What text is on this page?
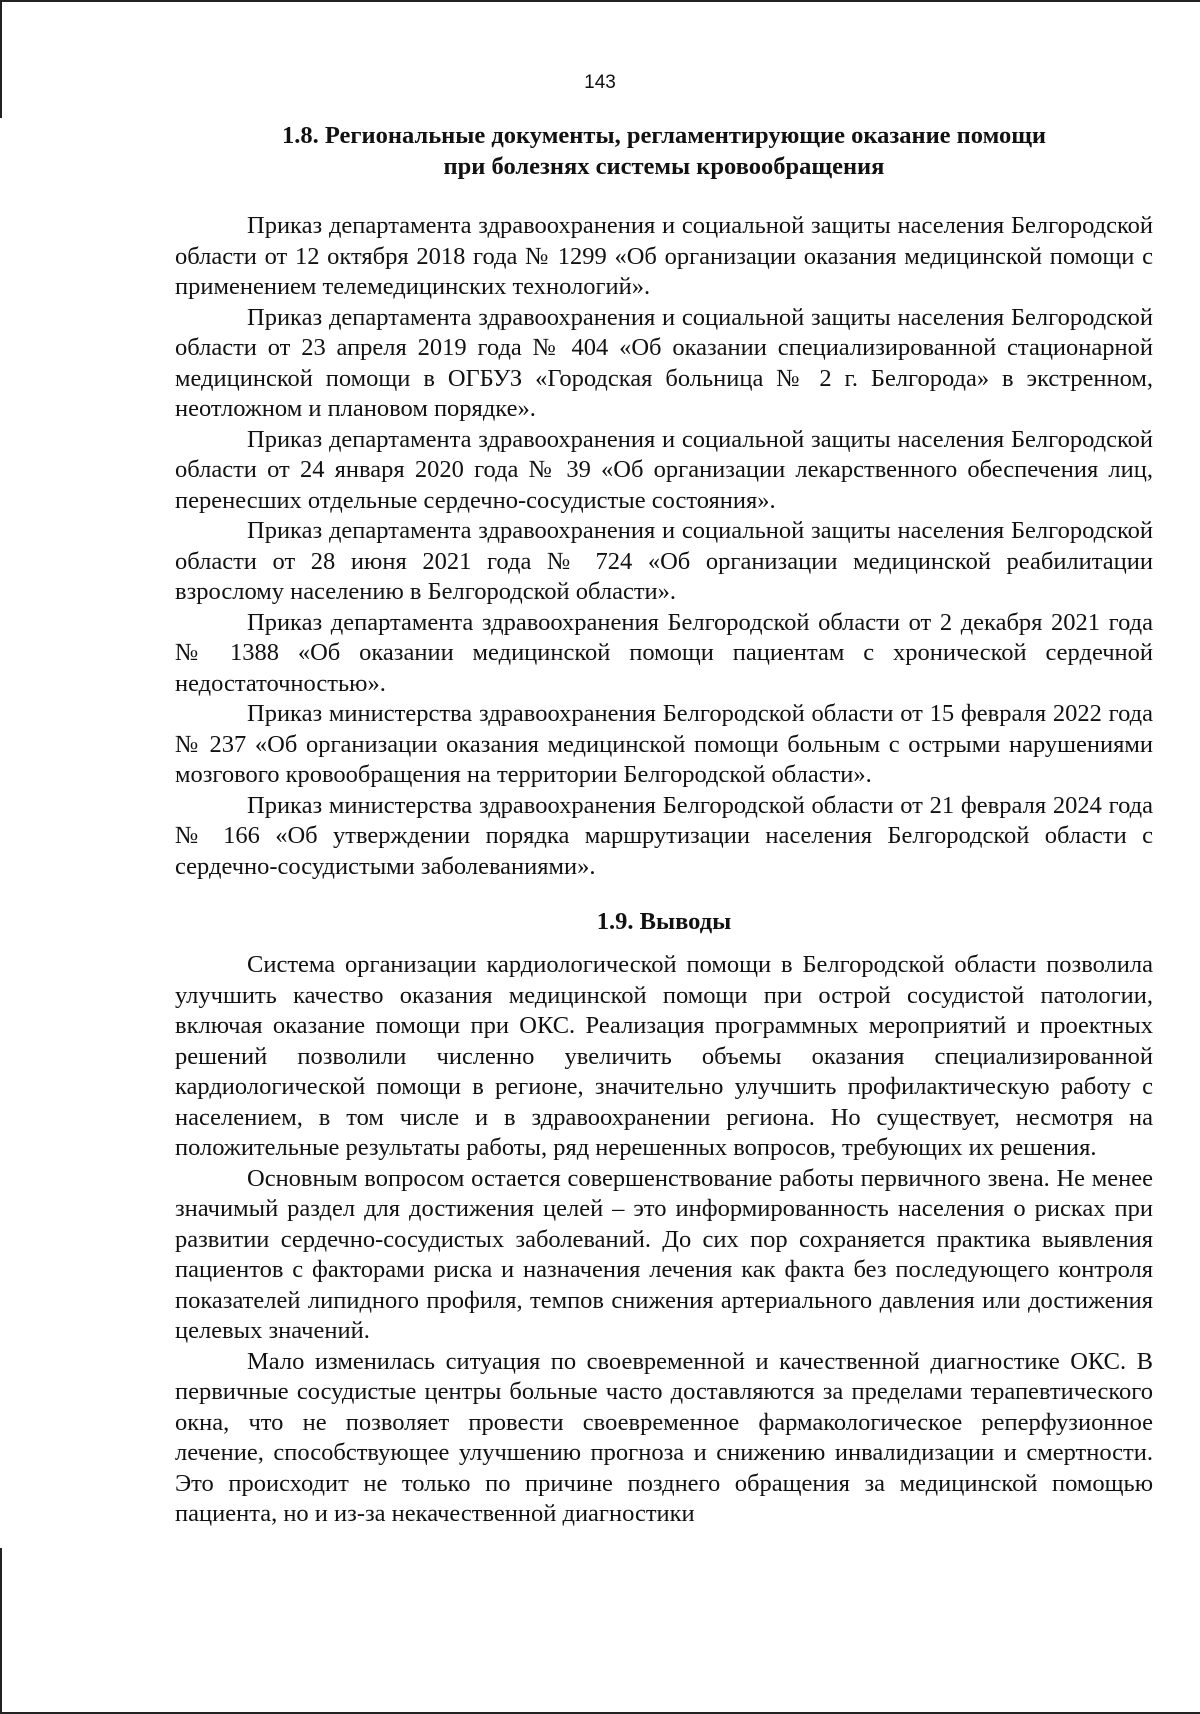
143
1.8. Региональные документы, регламентирующие оказание помощи
при болезнях системы кровообращения

Приказ департамента здравоохранения и социальной защиты населения Белгородской области от 12 октября 2018 года № 1299 «Об организации оказания медицинской помощи с применением телемедицинских технологий».

Приказ департамента здравоохранения и социальной защиты населения Белгородской области от 23 апреля 2019 года № 404 «Об оказании специализированной стационарной медицинской помощи в ОГБУЗ «Городская больница № 2 г. Белгорода» в экстренном, неотложном и плановом порядке».

Приказ департамента здравоохранения и социальной защиты населения Белгородской области от 24 января 2020 года № 39 «Об организации лекарственного обеспечения лиц, перенесших отдельные сердечно-сосудистые состояния».

Приказ департамента здравоохранения и социальной защиты населения Белгородской области от 28 июня 2021 года № 724 «Об организации медицинской реабилитации взрослому населению в Белгородской области».

Приказ департамента здравоохранения Белгородской области от 2 декабря 2021 года № 1388 «Об оказании медицинской помощи пациентам с хронической сердечной недостаточностью».

Приказ министерства здравоохранения Белгородской области от 15 февраля 2022 года № 237 «Об организации оказания медицинской помощи больным с острыми нарушениями мозгового кровообращения на территории Белгородской области».

Приказ министерства здравоохранения Белгородской области от 21 февраля 2024 года № 166 «Об утверждении порядка маршрутизации населения Белгородской области с сердечно-сосудистыми заболеваниями».

1.9. Выводы

Система организации кардиологической помощи в Белгородской области позволила улучшить качество оказания медицинской помощи при острой сосудистой патологии, включая оказание помощи при ОКС. Реализация программных мероприятий и проектных решений позволили численно увеличить объемы оказания специализированной кардиологической помощи в регионе, значительно улучшить профилактическую работу с населением, в том числе и в здравоохранении региона. Но существует, несмотря на положительные результаты работы, ряд нерешенных вопросов, требующих их решения.

Основным вопросом остается совершенствование работы первичного звена. Не менее значимый раздел для достижения целей – это информированность населения о рисках при развитии сердечно-сосудистых заболеваний. До сих пор сохраняется практика выявления пациентов с факторами риска и назначения лечения как факта без последующего контроля показателей липидного профиля, темпов снижения артериального давления или достижения целевых значений.

Мало изменилась ситуация по своевременной и качественной диагностике ОКС. В первичные сосудистые центры больные часто доставляются за пределами терапевтического окна, что не позволяет провести своевременное фармакологическое реперфузионное лечение, способствующее улучшению прогноза и снижению инвалидизации и смертности. Это происходит не только по причине позднего обращения за медицинской помощью пациента, но и из-за некачественной диагностики
